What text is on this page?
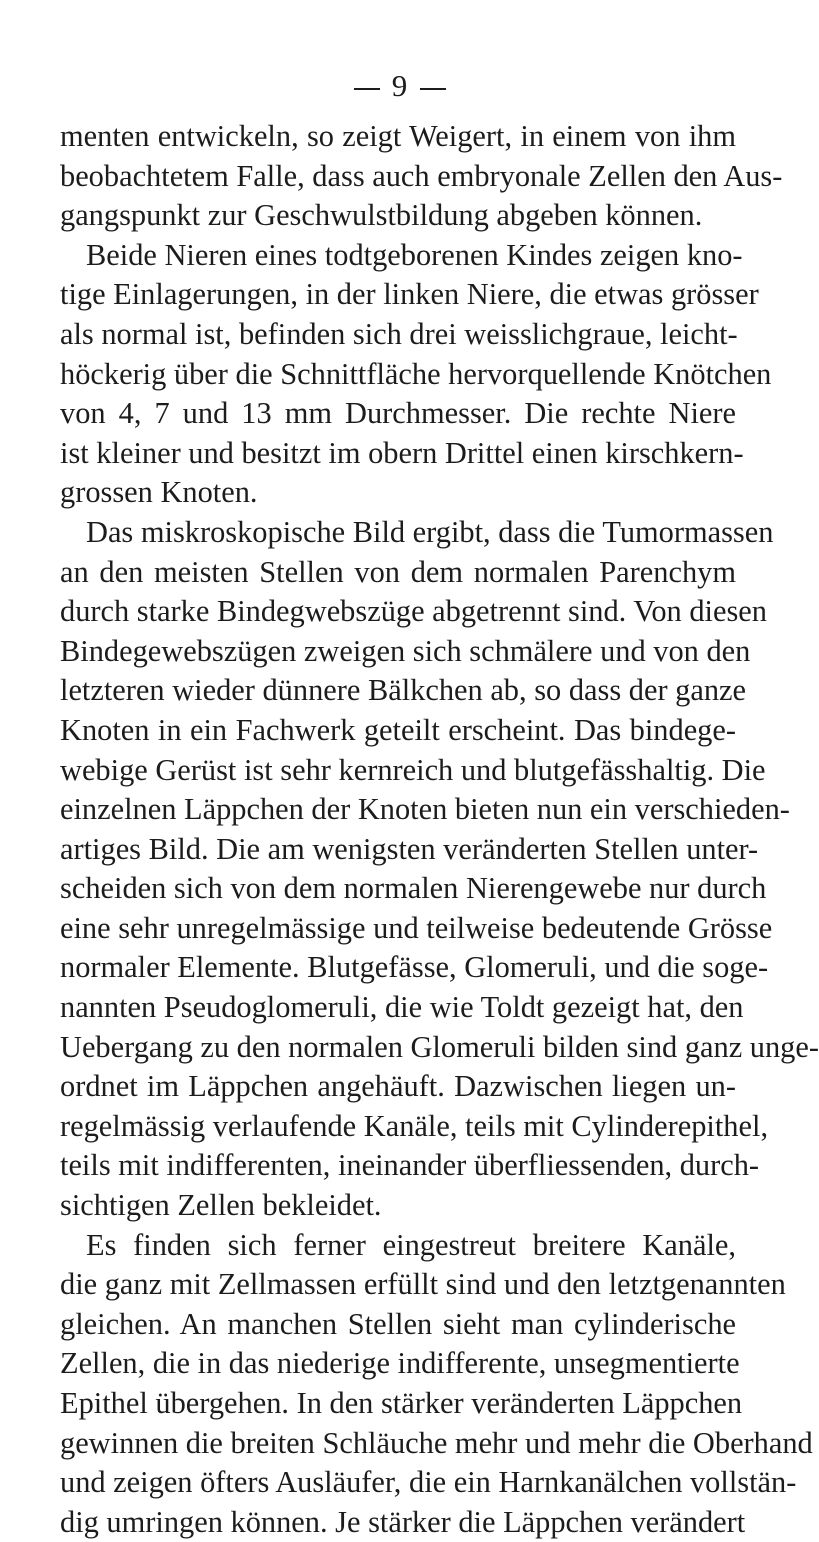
9
menten entwickeln, so zeigt Weigert, in einem von ihm
beobachtetem Falle, dass auch embryonale Zellen den Aus-
gangspunkt zur Geschwulstbildung abgeben können.
Beide Nieren eines todtgeborenen Kindes zeigen kno-
tige Einlagerungen, in der linken Niere, die etwas grösser
als normal ist, befinden sich drei weisslichgraue, leicht-
höckerig über die Schnittfläche hervorquellende Knötchen
von 4, 7 und 13 mm Durchmesser. Die rechte Niere
ist kleiner und besitzt im obern Drittel einen kirschkern-
grossen Knoten.
Das miskroskopische Bild ergibt, dass die Tumormassen
an den meisten Stellen von dem normalen Parenchym
durch starke Bindegwebszüge abgetrennt sind. Von diesen
Bindegewebszügen zweigen sich schmälere und von den
letzteren wieder dünnere Bälkchen ab, so dass der ganze
Knoten in ein Fachwerk geteilt erscheint. Das bindege-
webige Gerüst ist sehr kernreich und blutgefässhaltig. Die
einzelnen Läppchen der Knoten bieten nun ein verschieden-
artiges Bild. Die am wenigsten veränderten Stellen unter-
scheiden sich von dem normalen Nierengewebe nur durch
eine sehr unregelmässige und teilweise bedeutende Grösse
normaler Elemente. Blutgefässe, Glomeruli, und die soge-
nannten Pseudoglomeruli, die wie Toldt gezeigt hat, den
Uebergang zu den normalen Glomeruli bilden sind ganz unge-
ordnet im Läppchen angehäuft. Dazwischen liegen un-
regelmässig verlaufende Kanäle, teils mit Cylinderepithel,
teils mit indifferenten, ineinander überfliessenden, durch-
sichtigen Zellen bekleidet.
Es finden sich ferner eingestreut breitere Kanäle,
die ganz mit Zellmassen erfüllt sind und den letztgenannten
gleichen. An manchen Stellen sieht man cylinderische
Zellen, die in das niederige indifferente, unsegmentierte
Epithel übergehen. In den stärker veränderten Läppchen
gewinnen die breiten Schläuche mehr und mehr die Oberhand
und zeigen öfters Ausläufer, die ein Harnkanälchen vollstän-
dig umringen können. Je stärker die Läppchen verändert
